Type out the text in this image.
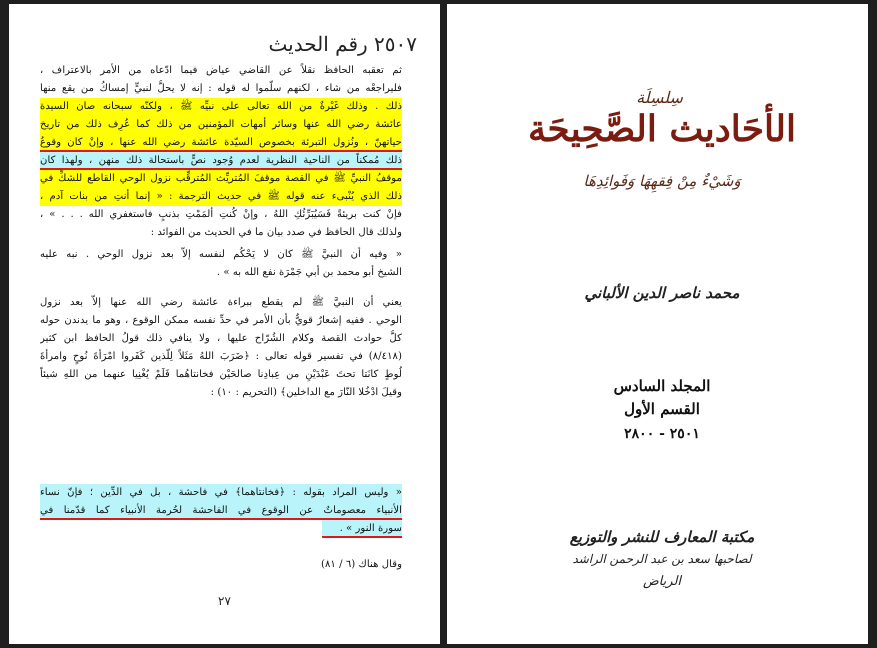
٢٥٠٧ رقم الحديث
ثم تعقبه الحافظ نقلاً عن القاضي عياض فيما ادّعاه من الأمر بالاعتراف ،
فليراجعْه من شاء ، لكنهم سلّموا له قوله : إنه لا يحلُّ لنبيٍّ إمساكُ من يقع منها
ذلك . وذلك غَيْرةٌ من الله تعالى على نبيِّه ﷺ ، ولكنّه سبحانه صان السيدة
عائشة رضي الله عنها وسائر أمهات المؤمنين من ذلك كما عُرِف ذلك من تاريخ
حياتهنّ ، ونُزول التبرئة بخصوص السيّدة عائشة رضي الله عنها ، وإنْ كان وقوعُ
ذلك مُمكناً من الناحية النظرية لعدم وُجود نصٍّ باستحالة ذلك منهن ، ولهذا كان
موقفُ النبيِّ ﷺ في القصة موقفَ المُتريِّث المُترقِّب نزول الوحي القاطع للشكِّ في
ذلك الذي يُنْبىء عنه قوله ﷺ في حديث الترجمة : « إنما أنتِ من بنات آدم ،
فإنْ كنت بريئةً فَسَيُبَرِّئُكِ اللهُ ، وإنْ كُنتِ ألمَمْتِ بذنبٍ فاستغفري الله . . . » ،
ولذلك قال الحافظ في صدد بيان ما في الحديث من الفوائد :
« وفيه أن النبيَّ ﷺ كان لا يَحْكُم لنفسه إلاّ بعد نزول الوحي . نبه عليه
الشيخ أبو محمد بن أبي جَمْرَة نفع الله به » .
يعني أن النبيَّ ﷺ لم يقطع ببراءة عائشة رضي الله عنها إلاّ بعد نزول
الوحي . ففيه إشعارٌ قويٌّ بأن الأمر في حدِّ نفسه ممكن الوقوع ، وهو ما يدندن حوله
كلُّ حوادث القصة وكلام الشُرّاح عليها ، ولا ينافي ذلك قولُ الحافظ ابن كثير
(٨/٤١٨) في تفسير قوله تعالى : ﴿ضَرَبَ اللهُ مَثَلاً لِلَّذين كَفَروا امْرَأةَ نُوحٍ وامرأةَ
لُوطٍ كانَتا تحتَ عَبْدَيْنِ من عِبادِنا صالحَيْن فخانتاهُما فَلَمْ يُغْنِيا عنهما من اللهِ شيئاً
وقيلَ ادْخُلا النّارَ مع الداخلين﴾ (التحريم : ١٠) :
« وليس المراد بقوله : ﴿فخانتاهما﴾ في فاحشة ، بل في الدِّين ؛ فإنّ نساء
الأنبياء معصوماتٌ عن الوقوع في الفاحشة لحُرمة الأنبياء كما قدّمنا في
سورة النور » .
وقال هناك (٦ / ٨١)
٢٧
سِلسِلَة
الأحَاديث الصَّحِيحَة
وَشَيْءٌ مِنْ فِقهِهَا وَفَوائِدِهَا
محمد ناصر الدين الألباني
المجلد السادس
القسم الأول
٢٥٠١ - ٢٨٠٠
مكتبة المعارف للنشر والتوزيع
لصاحبها سعد بن عبد الرحمن الراشد
الرياض
